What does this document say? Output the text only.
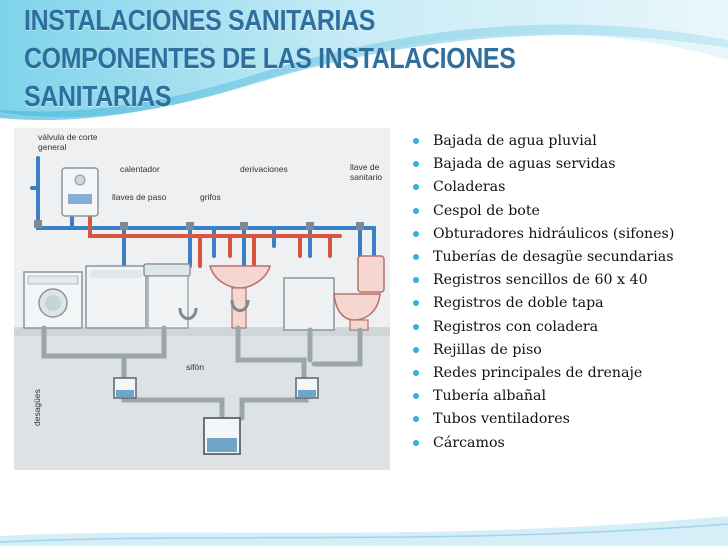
INSTALACIONES SANITARIAS
COMPONENTES DE LAS INSTALACIONES
SANITARIAS
válvula de corte
general
calentador	derivaciones	llave de
sanitario
llaves de paso	grifos
sifón
desagües
Bajada de agua pluvial
Bajada de aguas servidas
Coladeras
Cespol de bote
Obturadores hidráulicos (sifones)
Tuberías de desagüe secundarias
Registros sencillos de 60 x 40
Registros de doble tapa
Registros con coladera
Rejillas de piso
Redes principales de drenaje
Tubería albañal
Tubos ventiladores
Cárcamos
